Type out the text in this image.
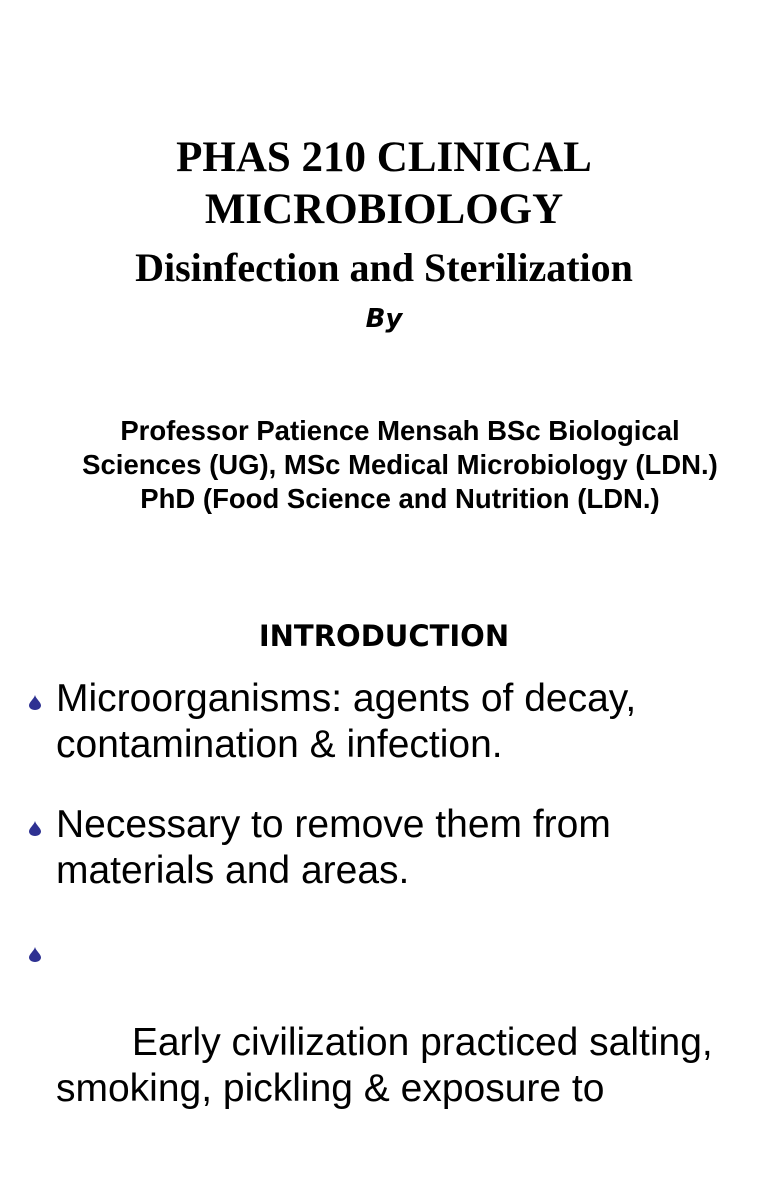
PHAS 210 CLINICAL
MICROBIOLOGY
Disinfection and Sterilization
By
Professor Patience Mensah BSc Biological Sciences (UG), MSc Medical Microbiology (LDN.) PhD (Food Science and Nutrition (LDN.)
INTRODUCTION
Microorganisms: agents of decay, contamination & infection.
Necessary to remove them from materials and areas.

Early civilization practiced salting, smoking, pickling & exposure to
